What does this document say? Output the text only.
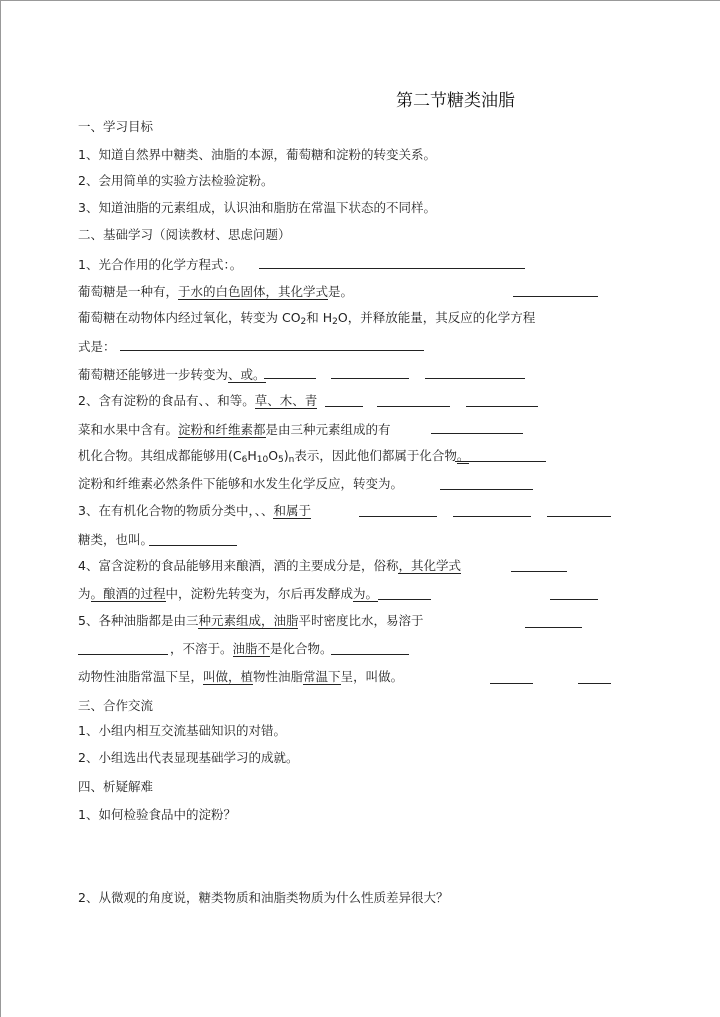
第二节糖类油脂
一、学习目标
1、知道自然界中糖类、油脂的本源，葡萄糖和淀粉的转变关系。
2、会用简单的实验方法检验淀粉。
3、知道油脂的元素组成，认识油和脂肪在常温下状态的不同样。
二、基础学习（阅读教材、思虑问题）
1、光合作用的化学方程式：。
葡萄糖是一种有，于水的白色固体，其化学式是。
葡萄糖在动物体内经过氧化，转变为 $CO_2$和 $H_2O$，并释放能量，其反应的化学方程
式是：
葡萄糖还能够进一步转变为、或。
2、含有淀粉的食品有、、和等。草、木、青
菜和水果中含有。淀粉和纤维素都是由三种元素组成的有
机化合物。其组成都能够用$(C_6H_{10}O_5)_n$表示，因此他们都属于化合物。
淀粉和纤维素必然条件下能够和水发生化学反应，转变为。
3、在有机化合物的物质分类中，、、和属于
糖类，也叫。
4、富含淀粉的食品能够用来酿酒，酒的主要成分是，俗称，其化学式
为。酿酒的过程中，淀粉先转变为，尔后再发酵成为。
5、各种油脂都是由三种元素组成，油脂平时密度比水，易溶于
，不溶于。油脂不是化合物。
动物性油脂常温下呈，叫做，植物性油脂常温下呈，叫做。
三、合作交流
1、小组内相互交流基础知识的对错。
2、小组选出代表显现基础学习的成就。
四、析疑解难
1、如何检验食品中的淀粉？
2、从微观的角度说，糖类物质和油脂类物质为什么性质差异很大？
